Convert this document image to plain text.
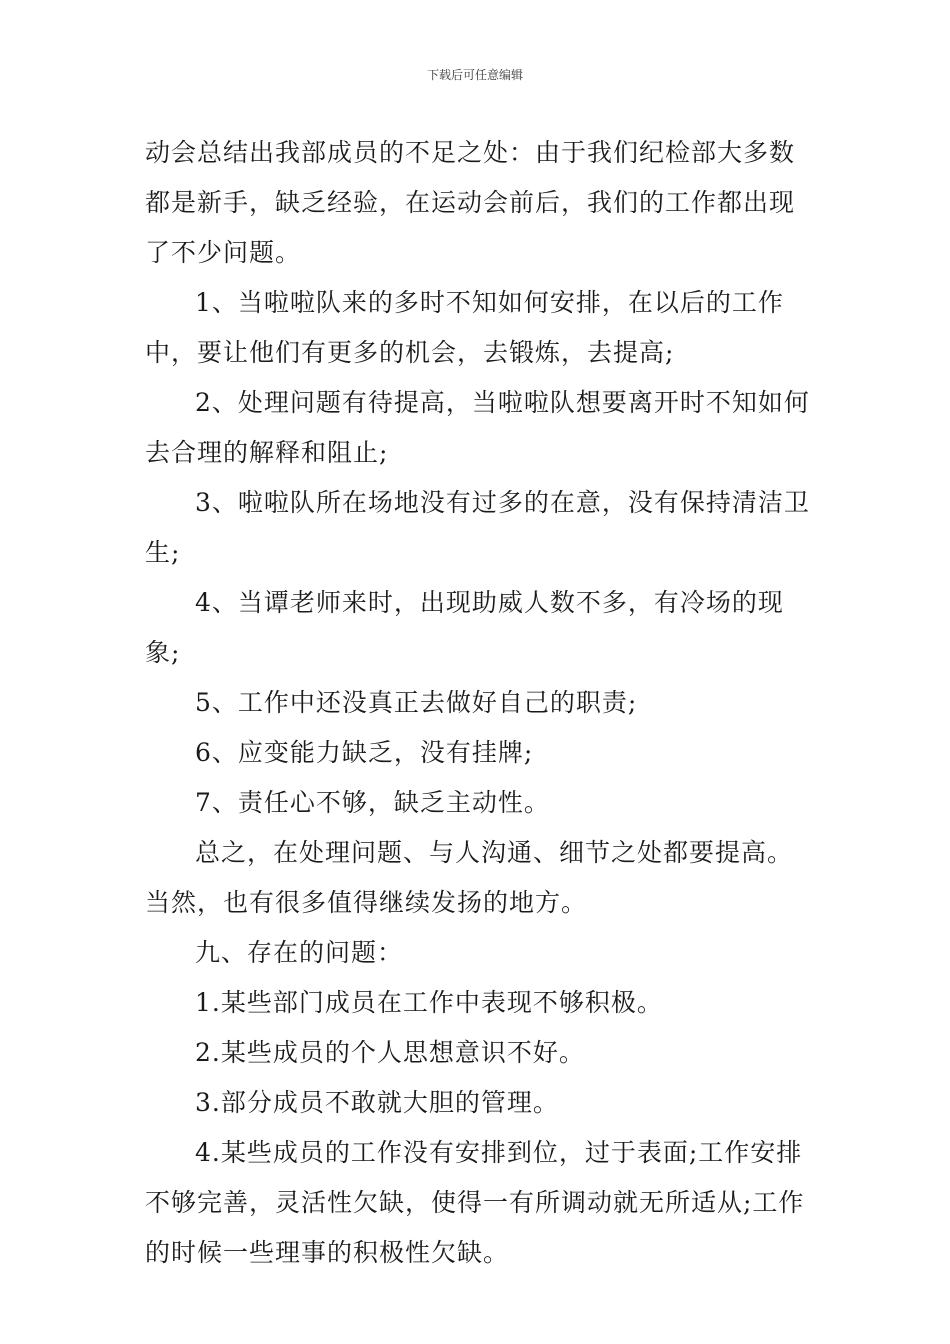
下载后可任意编辑

动会总结出我部成员的不足之处：由于我们纪检部大多数都是新手，缺乏经验，在运动会前后，我们的工作都出现了不少问题。

1、当啦啦队来的多时不知如何安排，在以后的工作中，要让他们有更多的机会，去锻炼，去提高;

2、处理问题有待提高，当啦啦队想要离开时不知如何去合理的解释和阻止;

3、啦啦队所在场地没有过多的在意，没有保持清洁卫生;

4、当谭老师来时，出现助威人数不多，有冷场的现象;

5、工作中还没真正去做好自己的职责;

6、应变能力缺乏，没有挂牌;

7、责任心不够，缺乏主动性。

总之，在处理问题、与人沟通、细节之处都要提高。当然，也有很多值得继续发扬的地方。

九、存在的问题：

1.某些部门成员在工作中表现不够积极。

2.某些成员的个人思想意识不好。

3.部分成员不敢就大胆的管理。

4.某些成员的工作没有安排到位，过于表面;工作安排不够完善，灵活性欠缺，使得一有所调动就无所适从;工作的时候一些理事的积极性欠缺。
